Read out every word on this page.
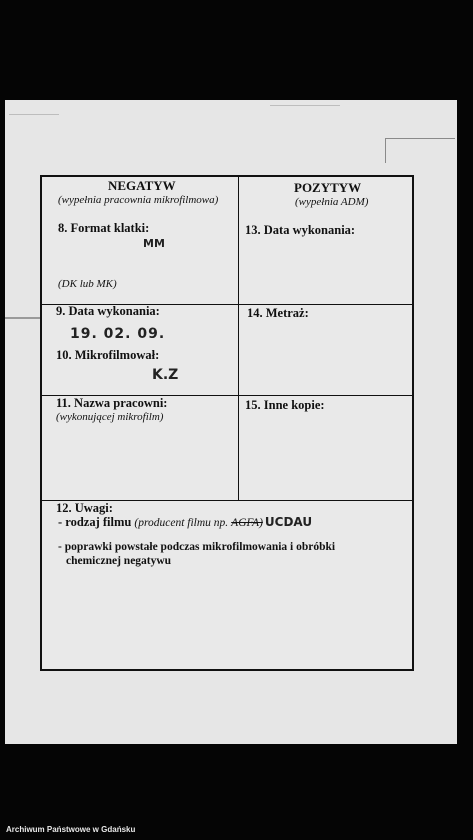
NEGATYW
(wypełnia pracownia mikrofilmowa)
8. Format klatki:
MM
(DK lub MK)
9. Data wykonania:
19. 02. 09.
10. Mikrofilmował:
K.Z
11. Nazwa pracowni:
(wykonującej mikrofilm)
POZYTYW
(wypełnia ADM)
13. Data wykonania:
14. Metraż:
15. Inne kopie:
12. Uwagi:
- rodzaj filmu (producent filmu np. AGFA) UCDAU
- poprawki powstałe podczas mikrofilmowania i obróbki
chemicznej negatywu
Archiwum Państwowe w Gdańsku
